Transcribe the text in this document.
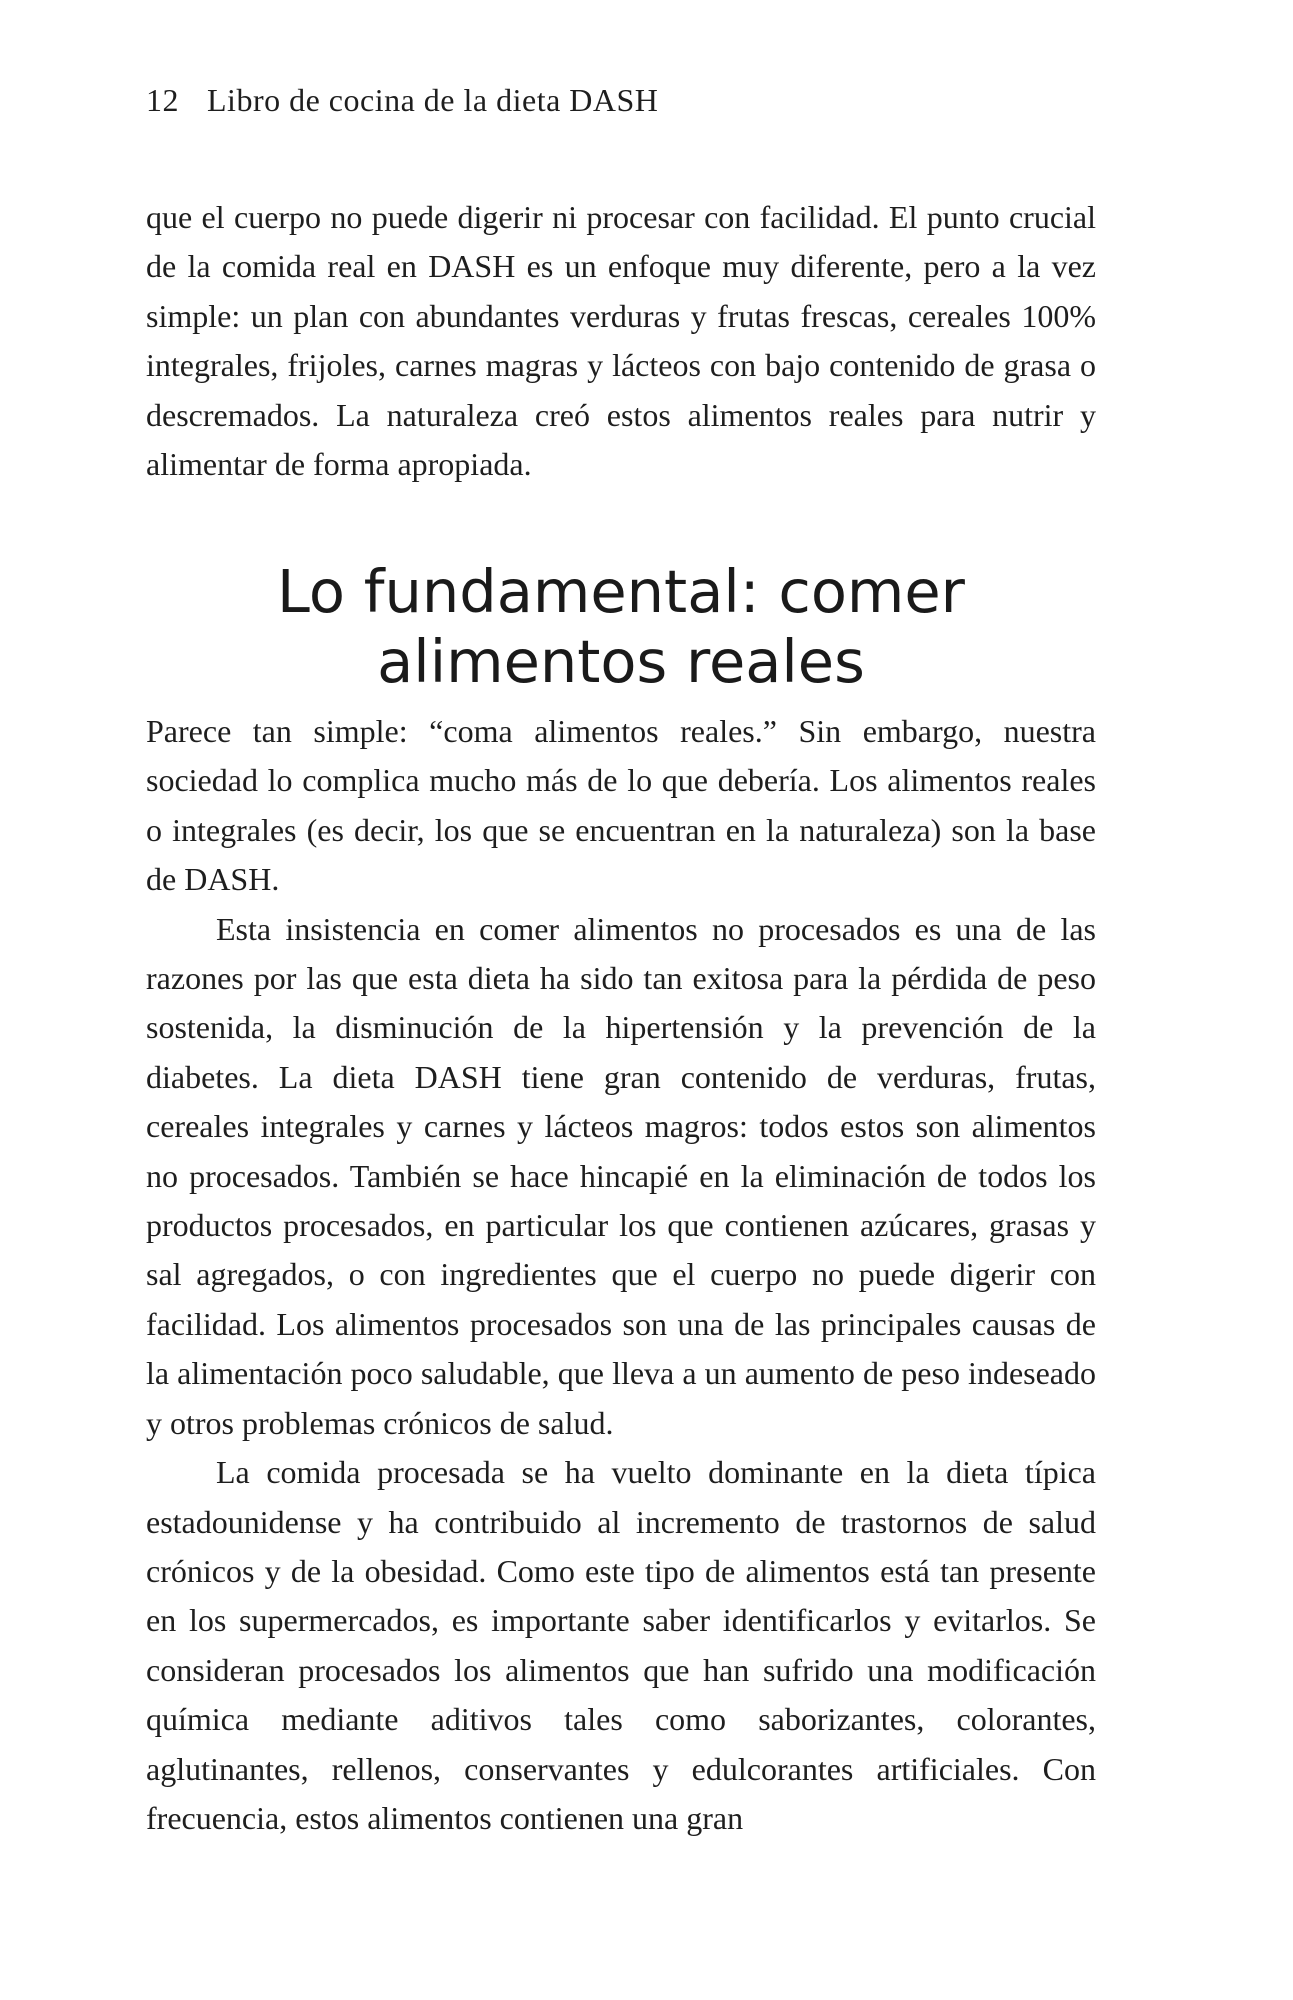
12 Libro de cocina de la dieta DASH

que el cuerpo no puede digerir ni procesar con facilidad. El punto crucial de la comida real en DASH es un enfoque muy diferente, pero a la vez simple: un plan con abundantes verduras y frutas frescas, cereales 100% integrales, frijoles, carnes magras y lácteos con bajo contenido de grasa o descremados. La naturaleza creó estos alimentos reales para nutrir y alimentar de forma apropiada.

Lo fundamental: comer
alimentos reales

Parece tan simple: “coma alimentos reales.” Sin embargo, nuestra sociedad lo complica mucho más de lo que debería. Los alimentos reales o integrales (es decir, los que se encuentran en la naturaleza) son la base de DASH.

Esta insistencia en comer alimentos no procesados es una de las razones por las que esta dieta ha sido tan exitosa para la pérdida de peso sostenida, la disminución de la hipertensión y la prevención de la diabetes. La dieta DASH tiene gran contenido de verduras, frutas, cereales integrales y carnes y lácteos magros: todos estos son alimentos no procesados. También se hace hincapié en la eliminación de todos los productos procesados, en particular los que contienen azúcares, grasas y sal agregados, o con ingredientes que el cuerpo no puede digerir con facilidad. Los alimentos procesados son una de las principales causas de la alimentación poco saludable, que lleva a un aumento de peso indeseado y otros problemas crónicos de salud.

La comida procesada se ha vuelto dominante en la dieta típica estadounidense y ha contribuido al incremento de trastornos de salud crónicos y de la obesidad. Como este tipo de alimentos está tan presente en los supermercados, es importante saber identificarlos y evitarlos. Se consideran procesados los alimentos que han sufrido una modificación química mediante aditivos tales como saborizantes, colorantes, aglutinantes, rellenos, conservantes y edulcorantes artificiales. Con frecuencia, estos alimentos contienen una gran
